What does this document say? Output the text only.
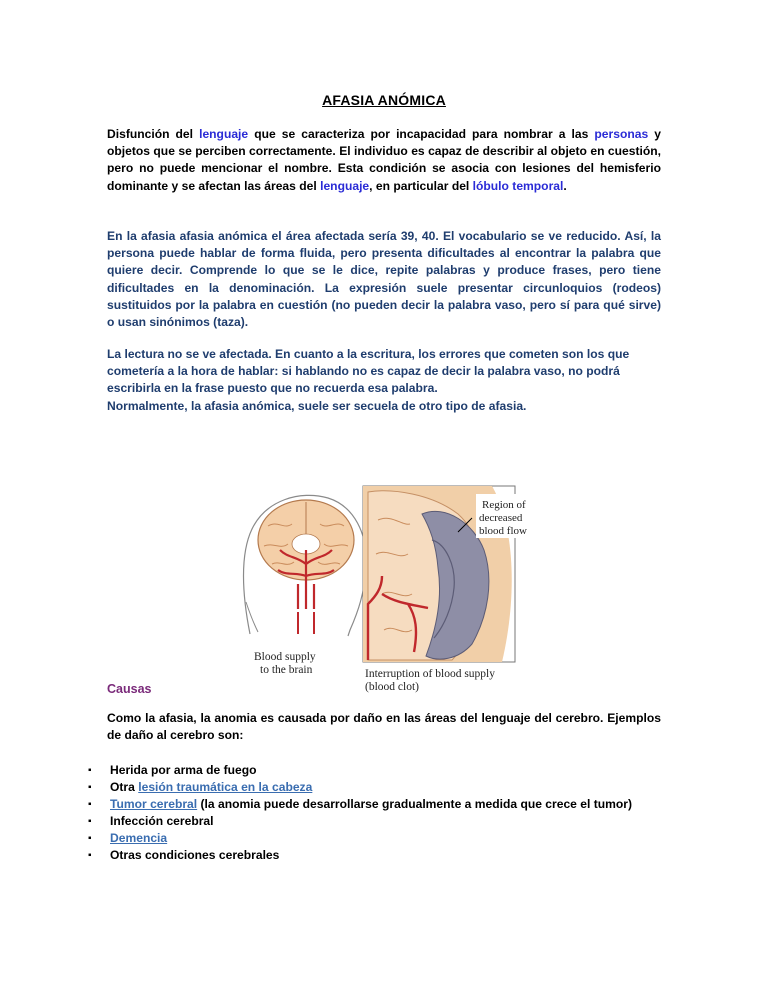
AFASIA ANÓMICA
Disfunción del lenguaje que se caracteriza por incapacidad para nombrar a las personas y objetos que se perciben correctamente. El individuo es capaz de describir al objeto en cuestión, pero no puede mencionar el nombre. Esta condición se asocia con lesiones del hemisferio dominante y se afectan las áreas del lenguaje, en particular del lóbulo temporal.
En la afasia afasia anómica el área afectada sería 39, 40. El vocabulario se ve reducido. Así, la persona puede hablar de forma fluida, pero presenta dificultades al encontrar la palabra que quiere decir. Comprende lo que se le dice, repite palabras y produce frases, pero tiene dificultades en la denominación. La expresión suele presentar circunloquios (rodeos) sustituidos por la palabra en cuestión (no pueden decir la palabra vaso, pero sí para qué sirve) o usan sinónimos (taza).
La lectura no se ve afectada. En cuanto a la escritura, los errores que cometen son los que cometería a la hora de hablar: si hablando no es capaz de decir la palabra vaso, no podrá escribirla en la frase puesto que no recuerda esa palabra.
Normalmente, la afasia anómica, suele ser secuela de otro tipo de afasia.
Blood supply
to the brain
Region of
decreased
blood flow
Interruption of blood supply
(blood clot)
Causas
Como la afasia, la anomia es causada por daño en las áreas del lenguaje del cerebro. Ejemplos de daño al cerebro son:
▪ Herida por arma de fuego
▪ Otra lesión traumática en la cabeza
▪ Tumor cerebral (la anomia puede desarrollarse gradualmente a medida que crece el tumor)
▪ Infección cerebral
▪ Demencia
▪ Otras condiciones cerebrales
